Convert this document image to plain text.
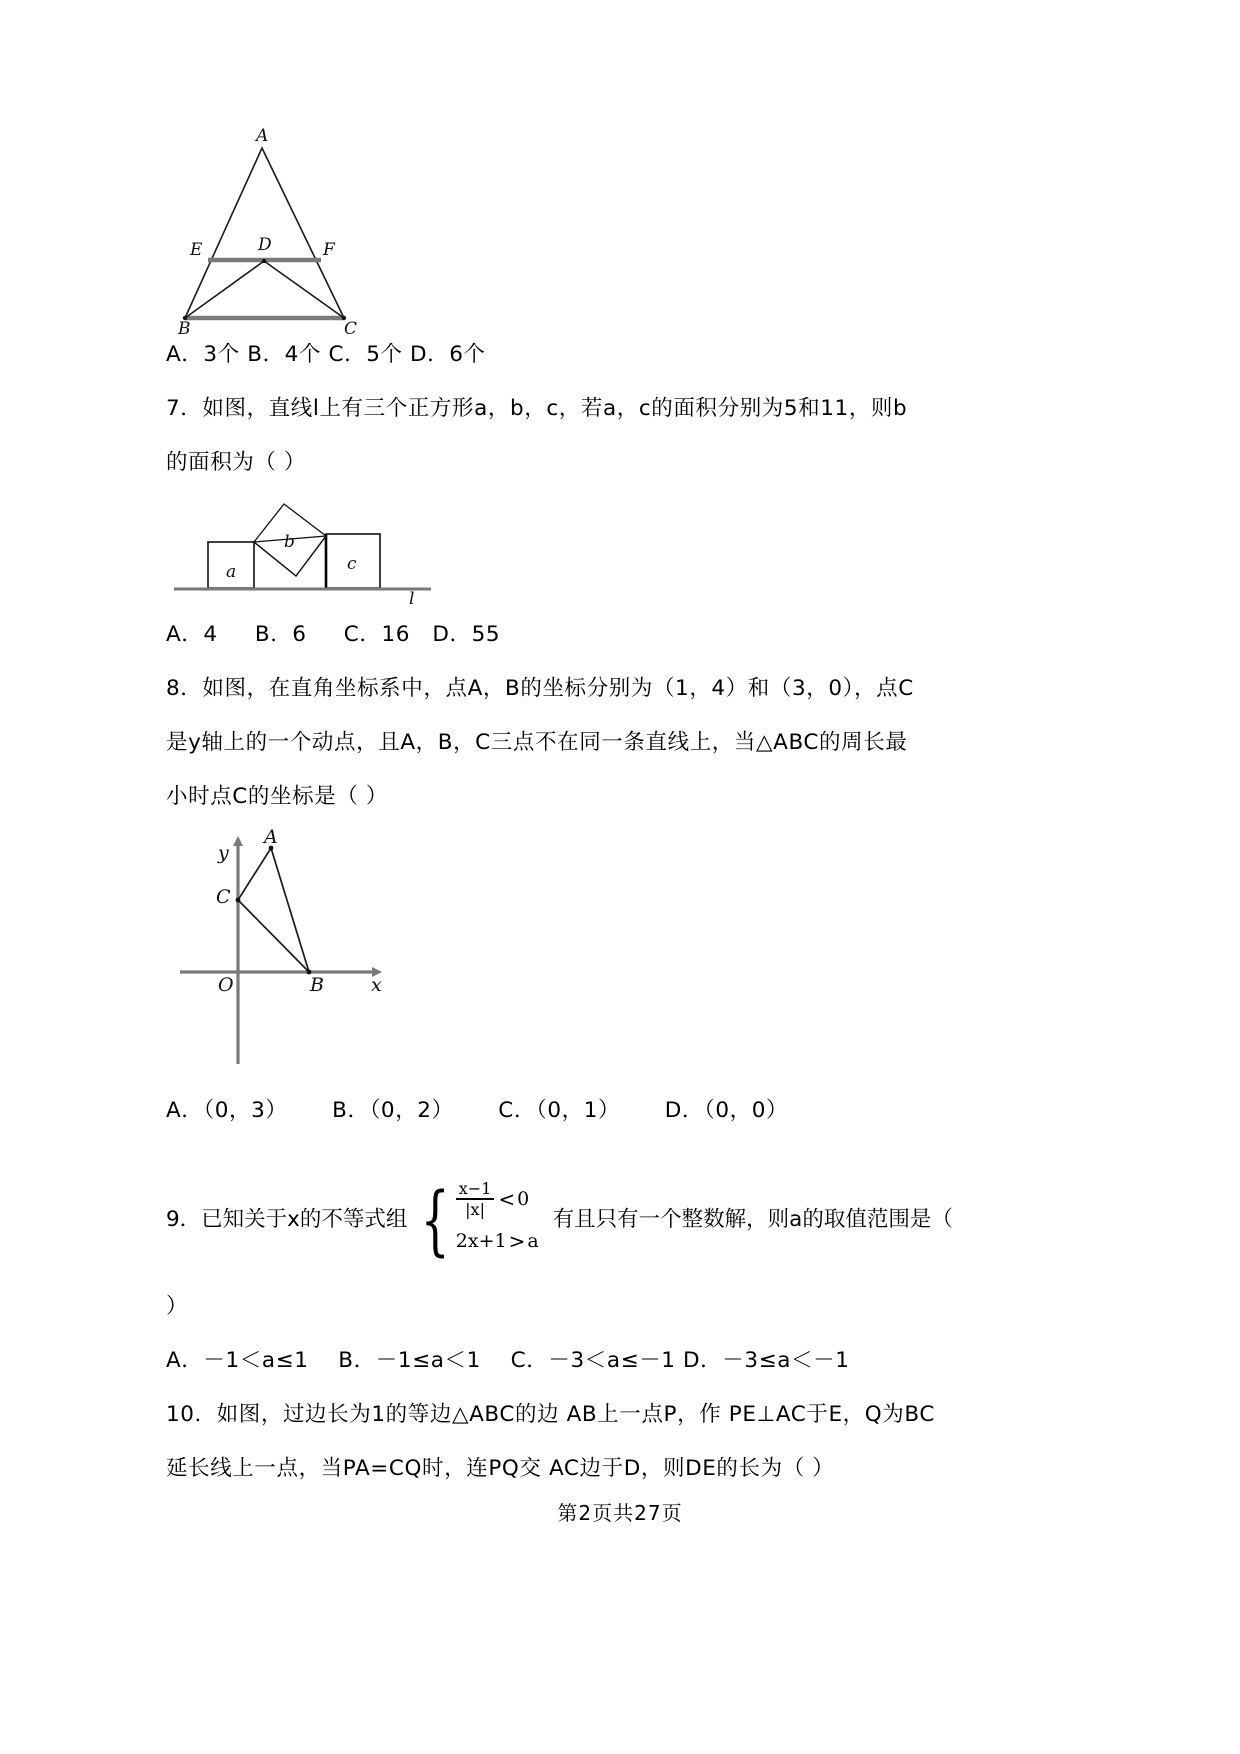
A
B	C
D
E	F
A．3个 B．4个 C．5个 D．6个
7．如图，直线l上有三个正方形a，b，c，若a，c的面积分别为5和11，则b
的面积为（ ）
a
b
c
l
A．4     B．6     C．16   D．55
8．如图，在直角坐标系中，点A，B的坐标分别为（1，4）和（3，0），点C
是y轴上的一个动点，且A，B，C三点不在同一条直线上，当△ABC的周长最
小时点C的坐标是（ ）
A
B
C
O	x
y
A．（0，3）      B．（0，2）      C．（0，1）      D．（0，0）
9．已知关于x的不等式组 { $\frac{x-1}{|x|} < 0$
2x+1 > a
有且只有一个整数解，则a的取值范围是（
）
A．－1＜a≤1    B．－1≤a＜1    C．－3＜a≤－1 D．－3≤a＜－1
10．如图，过边长为1的等边△ABC的边 AB上一点P，作 PE⊥AC于E，Q为BC
延长线上一点，当PA=CQ时，连PQ交 AC边于D，则DE的长为（ ）
第2页共27页
